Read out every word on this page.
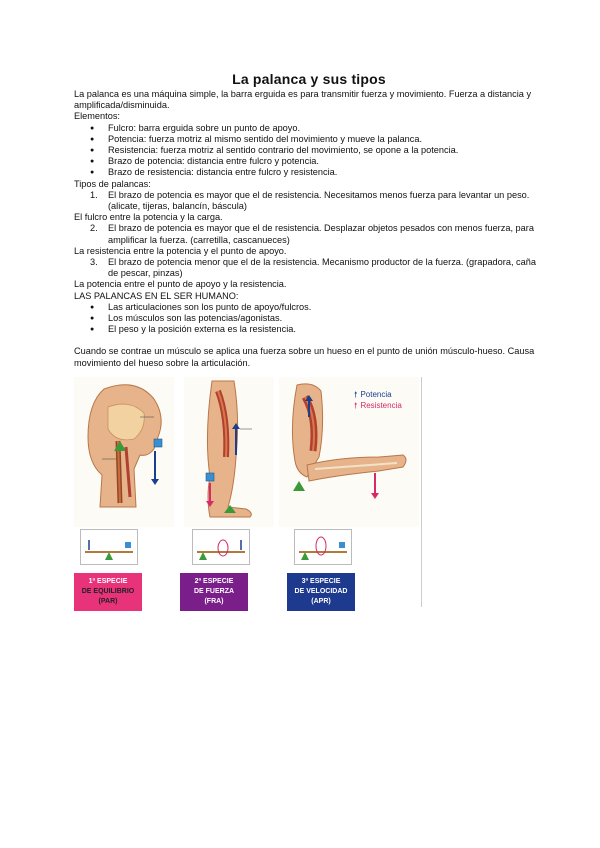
La palanca y sus tipos

La palanca es una máquina simple, la barra erguida es para transmitir fuerza y movimiento. Fuerza a distancia y amplificada/disminuida.

Elementos:

● Fulcro: barra erguida sobre un punto de apoyo.
● Potencia: fuerza motriz al mismo sentido del movimiento y mueve la palanca.
● Resistencia: fuerza motriz al sentido contrario del movimiento, se opone a la potencia.
● Brazo de potencia: distancia entre fulcro y potencia.
● Brazo de resistencia: distancia entre fulcro y resistencia.

Tipos de palancas:

1. El brazo de potencia es mayor que el de resistencia. Necesitamos menos fuerza para levantar un peso. (alicate, tijeras, balancín, báscula)

El fulcro entre la potencia y la carga.

2. El brazo de potencia es mayor que el de resistencia. Desplazar objetos pesados con menos fuerza, para amplificar la fuerza. (carretilla, cascanueces)

La resistencia entre la potencia y el punto de apoyo.

3. El brazo de potencia menor que el de la resistencia. Mecanismo productor de la fuerza. (grapadora, caña de pescar, pinzas)

La potencia entre el punto de apoyo y la resistencia.

LAS PALANCAS EN EL SER HUMANO:

● Las articulaciones son los punto de apoyo/fulcros.
● Los músculos son las potencias/agonistas.
● El peso y la posición externa es la resistencia.

Cuando se contrae un músculo se aplica una fuerza sobre un hueso en el punto de unión músculo-hueso. Causa movimiento del hueso sobre la articulación.

🠕 Potencia
🠕 Resistencia
1ª ESPECIE
DE EQUILIBRIO
(PAR)
2ª ESPECIE
DE FUERZA
(FRA)
3ª ESPECIE
DE VELOCIDAD
(APR)
